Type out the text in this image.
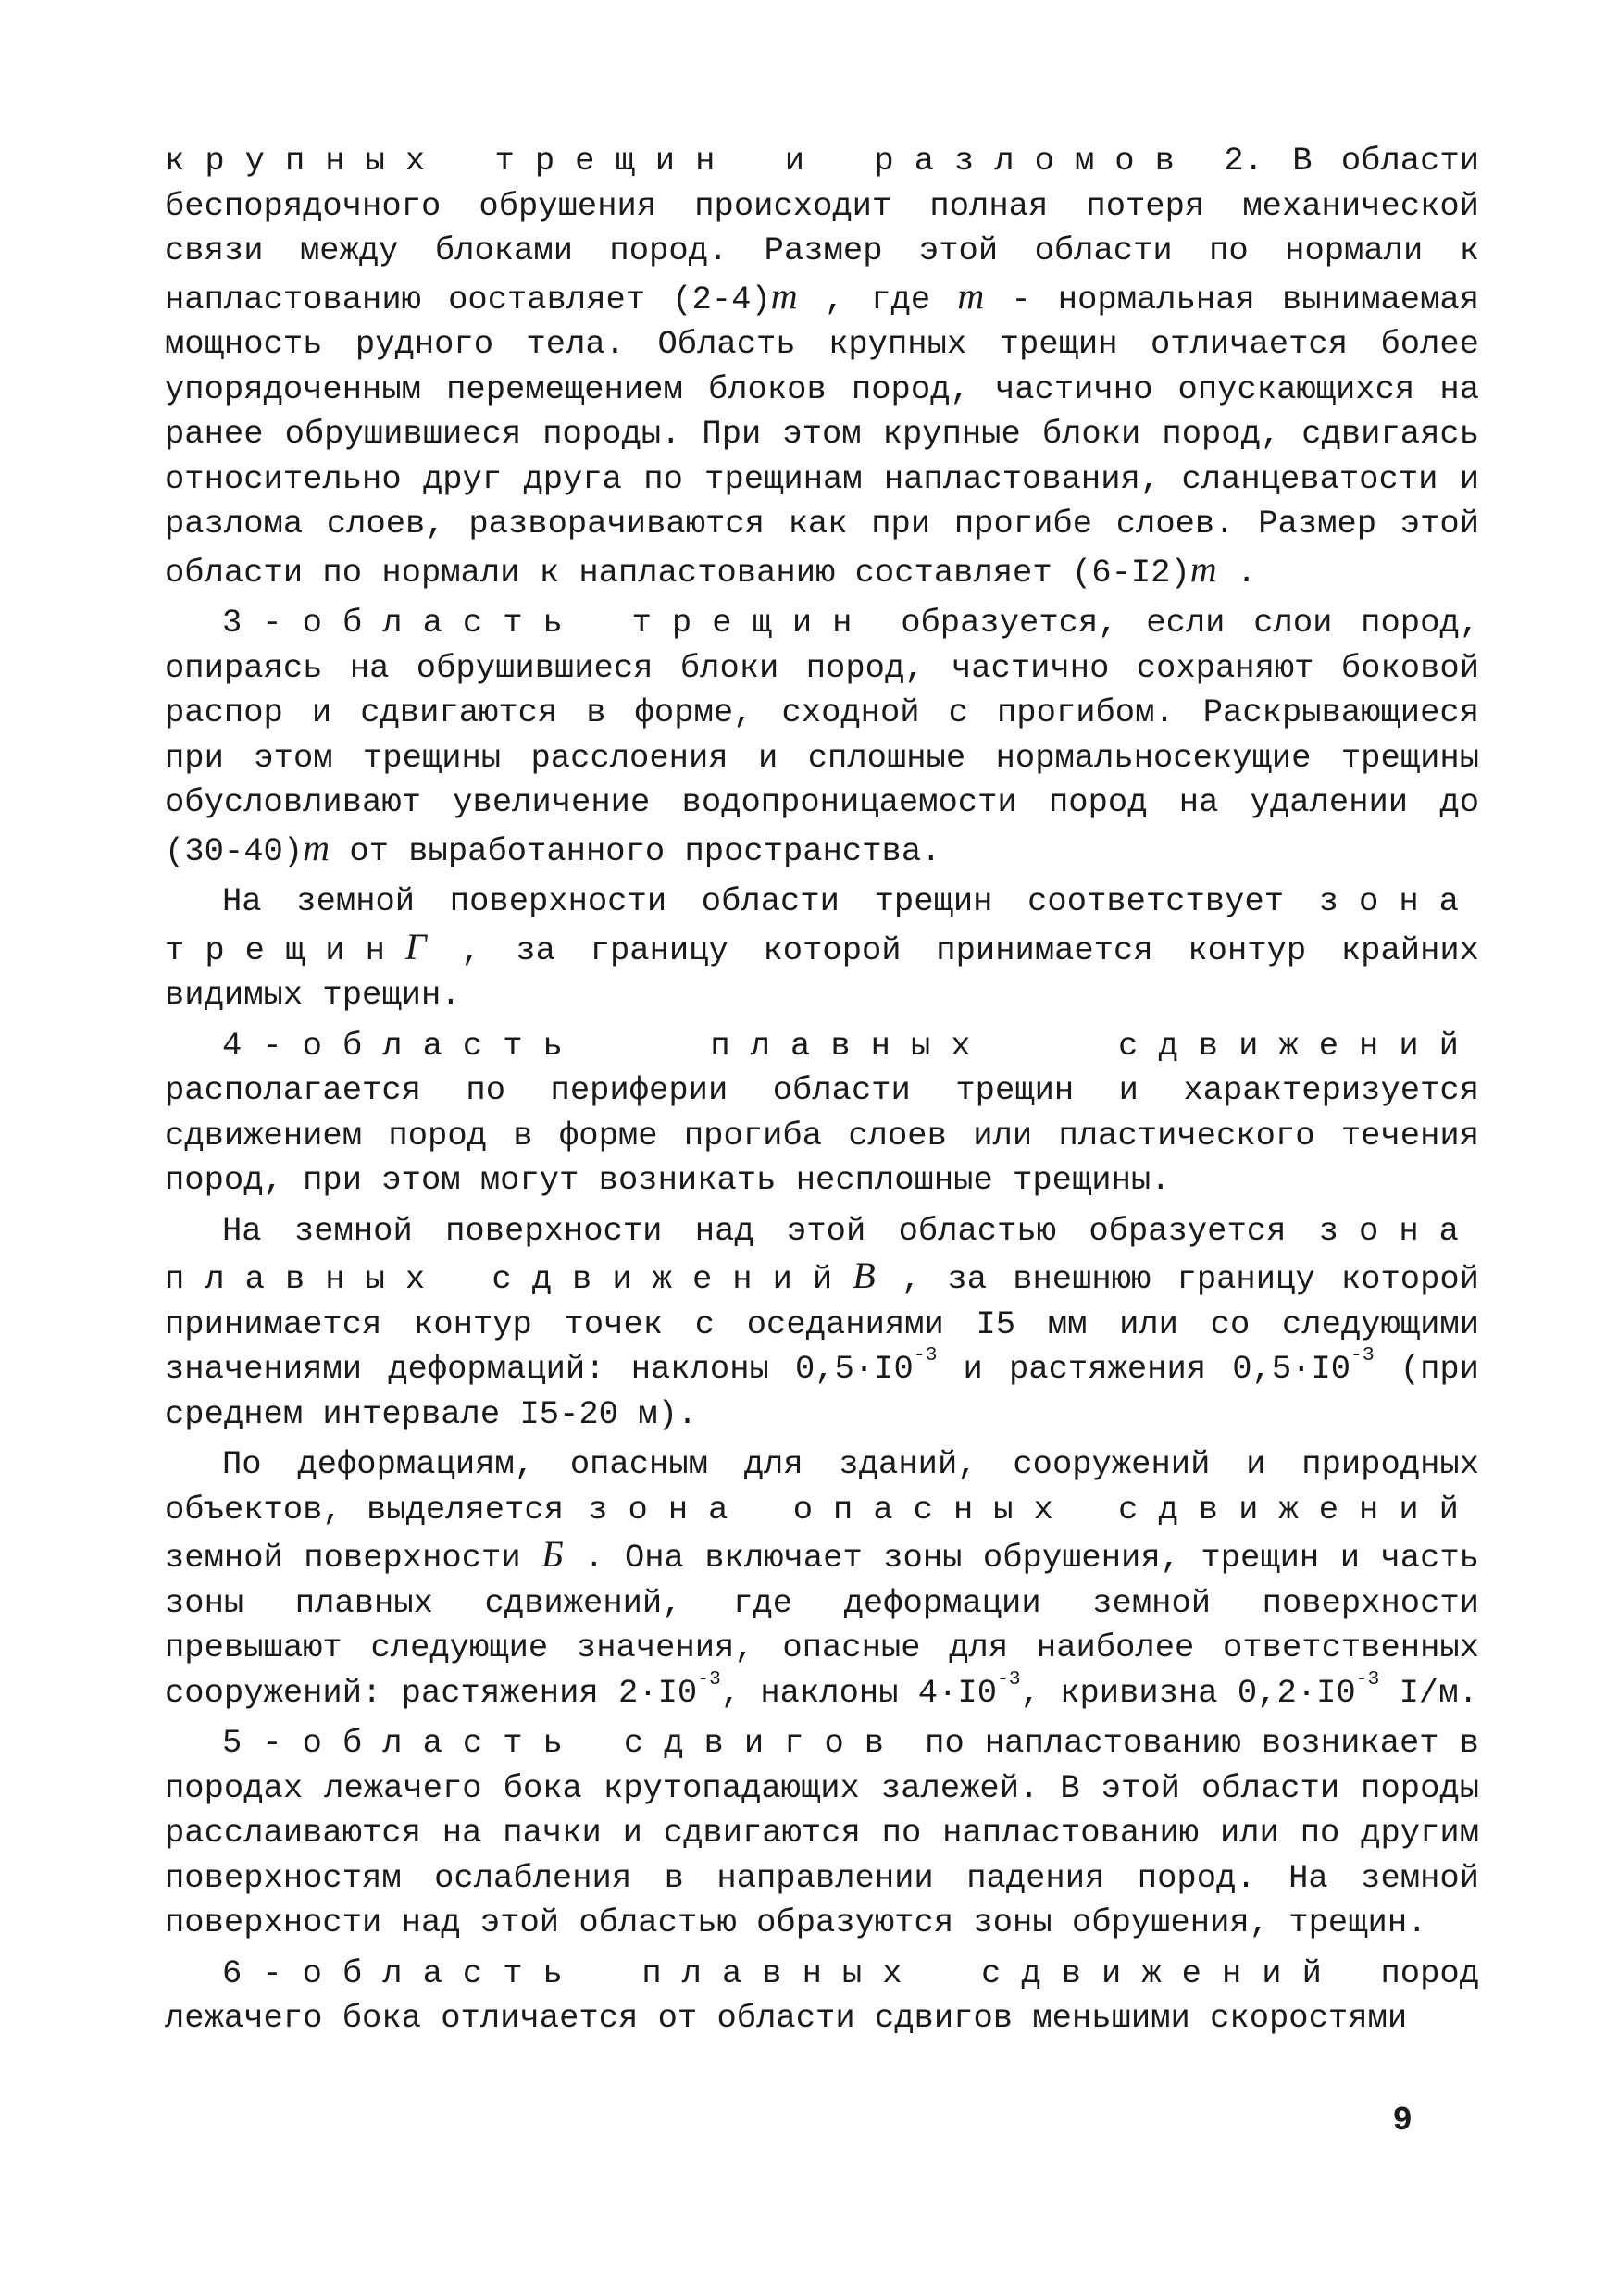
крупных трещин и разломов 2. В области беспорядочного обрушения происходит полная потеря механической связи между блоками пород. Размер этой области по нормали к напластованию ооставляет (2-4)m , где m - нормальная вынимаемая мощность рудного тела. Область крупных трещин отличается более упорядоченным перемещением блоков пород, частично опускающихся на ранее обрушившиеся породы. При этом крупные блоки пород, сдвигаясь относительно друг друга по трещинам напластования, сланцеватости и разлома слоев, разворачиваются как при прогибе слоев. Размер этой области по нормали к напластованию составляет (6-I2)m .

3-область трещин образуется, если слои пород, опираясь на обрушившиеся блоки пород, частично сохраняют боковой распор и сдвигаются в форме, сходной с прогибом. Раскрывающиеся при этом трещины расслоения и сплошные нормальносекущие трещины обусловливают увеличение водопроницаемости пород на удалении до (30-40)m от выработанного пространства.

На земной поверхности области трещин соответствует зона трещинГ , за границу которой принимается контур крайних видимых трещин.

4-область плавных сдвижений располагается по периферии области трещин и характеризуется сдвижением пород в форме прогиба слоев или пластического течения пород, при этом могут возникать несплошные трещины.

На земной поверхности над этой областью образуется зона плавных сдвиженийВ , за внешнюю границу которой принимается контур точек с оседаниями I5 мм или со следующими значениями деформаций: наклоны $0,5\cdot I0^{-3}$ и растяжения $0,5\cdot I0^{-3}$ (при среднем интервале I5-20 м).

По деформациям, опасным для зданий, сооружений и природных объектов, выделяется зона опасных сдвижений земной поверхности Б . Она включает зоны обрушения, трещин и часть зоны плавных сдвижений, где деформации земной поверхности превышают следующие значения, опасные для наиболее ответственных сооружений: растяжения $2\cdot I0^{-3}$, наклоны $4\cdot I0^{-3}$, кривизна $0,2\cdot I0^{-3}$ I/м.

5-область сдвигов по напластованию возникает в породах лежачего бока крутопадающих залежей. В этой области породы расслаиваются на пачки и сдвигаются по напластованию или по другим поверхностям ослабления в направлении падения пород. На земной поверхности над этой областью образуются зоны обрушения, трещин.

6-область плавных сдвижений пород лежачего бока отличается от области сдвигов меньшими скоростями

9
